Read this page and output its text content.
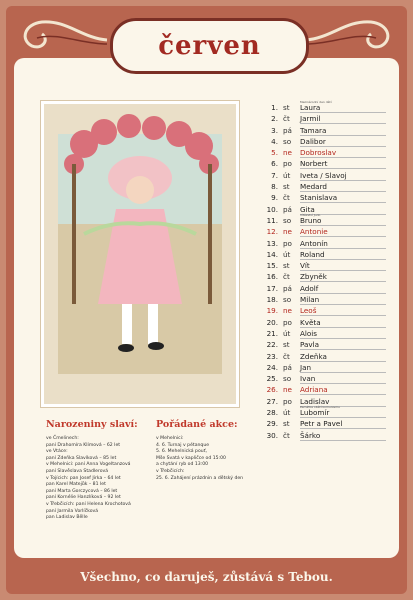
červen
Narozeniny slaví:
ve Čmelinech:
paní Drahomíra Klímová – 62 let
ve Vtáce:
paní Zdeňka Slavíková – 85 let
v Mehelnici: paní Anna Vogeltanzová
paní Slavěslava Stadlerová
v Tojícich: pan Josef Jirka – 64 let
pan Karel Matejůk – 81 let
paní Marta Gorczycová – 86 let
paní Kornélie Hanzlíková – 92 let
v Třebčicích: paní Helena Krochotová
paní Jarmila Vorlíčková
pan Ladislav Bělle
Pořádané akce:
v Mehelnici:
4. 6. Turnaj v pétanque
5. 6. Mehelnická pouť,
Mše Svatá v kapličce od 15:00
a chytání ryb od 13:00
v Třebčicích:
25. 6. Zahájení prázdnin a dětský den
1. st Laura
Mezinárodní den dětí
2. čt Jarmil
3. pá Tamara
4. so Dalibor
5. ne Dobroslav
6. po Norbert
7. út Iveta / Slavoj
8. st Medard
9. čt Stanislava
10. pá Gita
11. so Bruno
Vítězství Judo
12. ne Antonie
13. po Antonín
14. út Roland
15. st Vít
16. čt Zbyněk
17. pá Adolf
18. so Milan
19. ne Leoš
20. po Květa
21. út Alois
22. st Pavla
23. čt Zdeňka
24. pá Jan
25. so Ivan
26. ne Adriana
27. po Ladislav
28. út Lubomír
Památka obětí komunismu
29. st Petr a Pavel
30. čt Šárko
Všechno, co daruješ, zůstává s Tebou.
